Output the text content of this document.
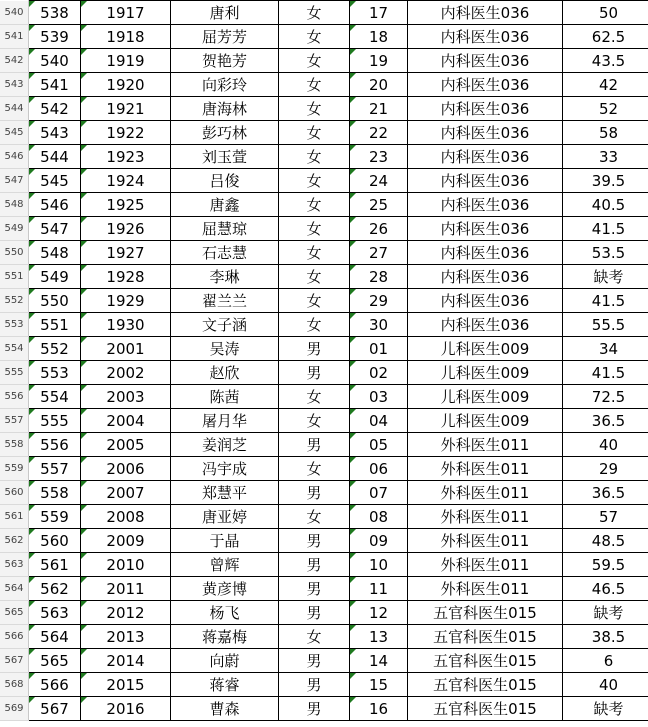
540	538	1917	唐利	女	17	内科医生036	50
541	539	1918	屈芳芳	女	18	内科医生036	62.5
542	540	1919	贺艳芳	女	19	内科医生036	43.5
543	541	1920	向彩玲	女	20	内科医生036	42
544	542	1921	唐海林	女	21	内科医生036	52
545	543	1922	彭巧林	女	22	内科医生036	58
546	544	1923	刘玉萱	女	23	内科医生036	33
547	545	1924	吕俊	女	24	内科医生036	39.5
548	546	1925	唐鑫	女	25	内科医生036	40.5
549	547	1926	屈慧琼	女	26	内科医生036	41.5
550	548	1927	石志慧	女	27	内科医生036	53.5
551	549	1928	李琳	女	28	内科医生036	缺考
552	550	1929	翟兰兰	女	29	内科医生036	41.5
553	551	1930	文子涵	女	30	内科医生036	55.5
554	552	2001	吴涛	男	01	儿科医生009	34
555	553	2002	赵欣	男	02	儿科医生009	41.5
556	554	2003	陈茜	女	03	儿科医生009	72.5
557	555	2004	屠月华	女	04	儿科医生009	36.5
558	556	2005	姜润芝	男	05	外科医生011	40
559	557	2006	冯宇成	女	06	外科医生011	29
560	558	2007	郑慧平	男	07	外科医生011	36.5
561	559	2008	唐亚婷	女	08	外科医生011	57
562	560	2009	于晶	男	09	外科医生011	48.5
563	561	2010	曾辉	男	10	外科医生011	59.5
564	562	2011	黄彦博	男	11	外科医生011	46.5
565	563	2012	杨飞	男	12	五官科医生015	缺考
566	564	2013	蒋嘉梅	女	13	五官科医生015	38.5
567	565	2014	向蔚	男	14	五官科医生015	6
568	566	2015	蒋睿	男	15	五官科医生015	40
569	567	2016	曹森	男	16	五官科医生015	缺考
